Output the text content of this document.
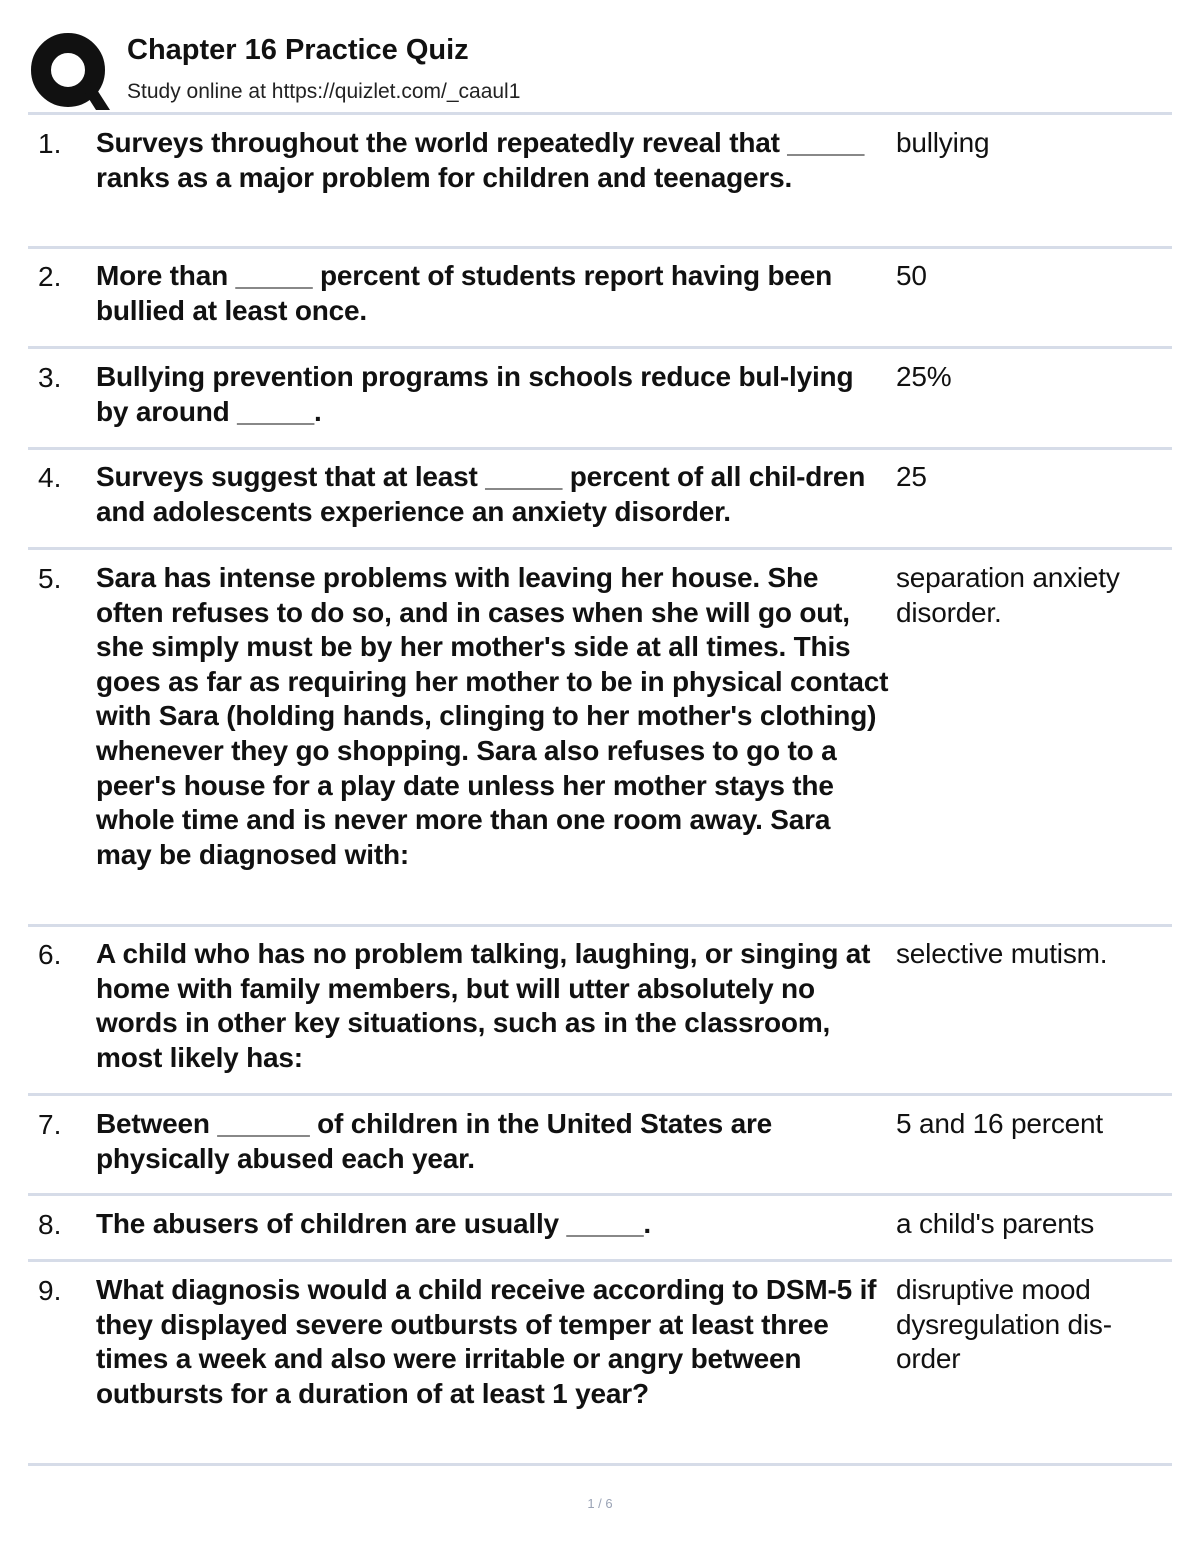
Chapter 16 Practice Quiz
Study online at https://quizlet.com/_caaul1
1. Surveys throughout the world repeatedly reveal that _____ ranks as a major problem for children and teenagers.
bullying
2. More than _____ percent of students report having been bullied at least once.
50
3. Bullying prevention programs in schools reduce bul-lying by around _____.
25%
4. Surveys suggest that at least _____ percent of all chil-dren and adolescents experience an anxiety disorder.
25
5. Sara has intense problems with leaving her house. She often refuses to do so, and in cases when she will go out, she simply must be by her mother's side at all times. This goes as far as requiring her mother to be in physical contact with Sara (holding hands, clinging to her mother's clothing) whenever they go shopping. Sara also refuses to go to a peer's house for a play date unless her mother stays the whole time and is never more than one room away. Sara may be diagnosed with:
separation anxiety disorder.
6. A child who has no problem talking, laughing, or singing at home with family members, but will utter absolutely no words in other key situations, such as in the classroom, most likely has:
selective mutism.
7. Between ______ of children in the United States are physically abused each year.
5 and 16 percent
8. The abusers of children are usually _____.	a child's parents
9. What diagnosis would a child receive according to DSM-5 if they displayed severe outbursts of temper at least three times a week and also were irritable or angry between outbursts for a duration of at least 1 year?
disruptive mood dysregulation dis-order
1 / 6
